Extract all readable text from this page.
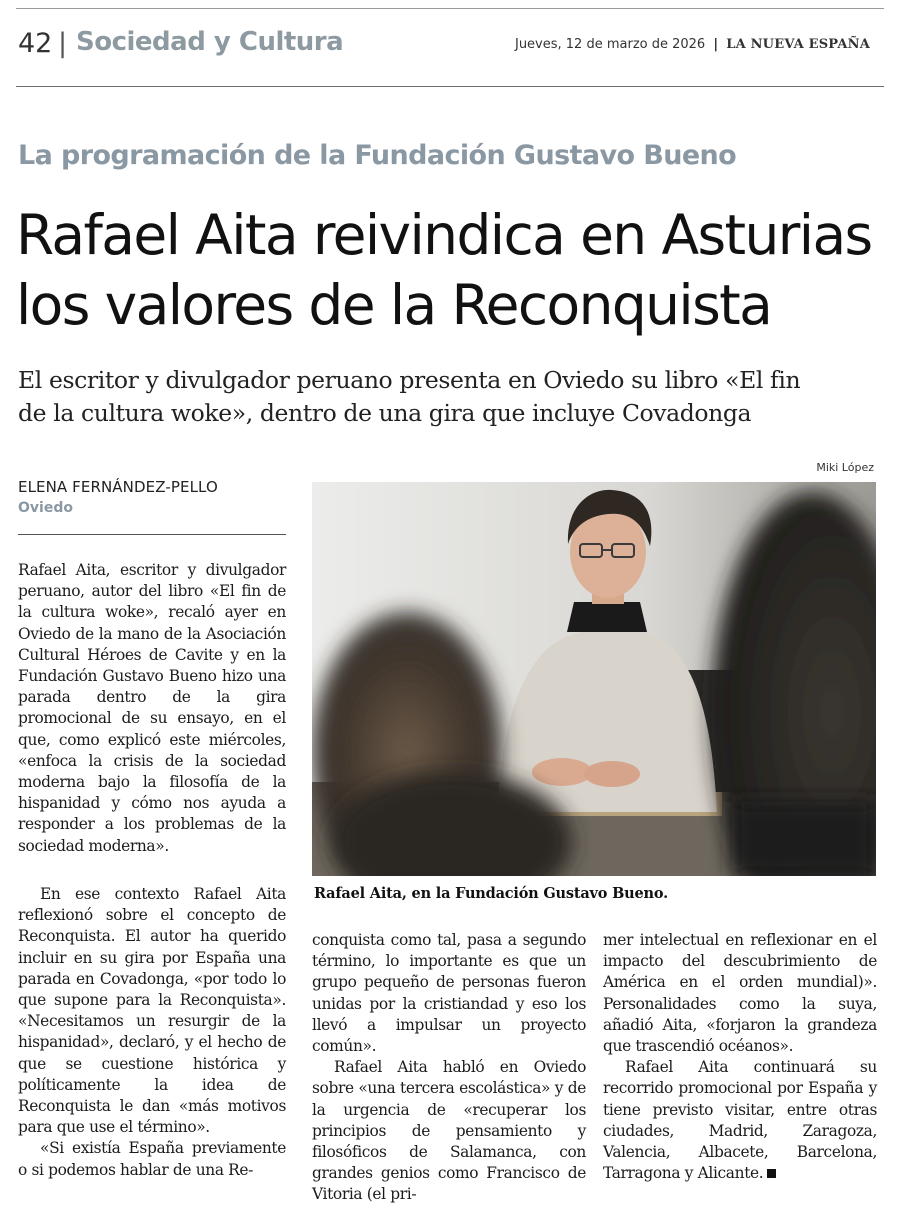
42 | Sociedad y Cultura	Jueves, 12 de marzo de 2026 | LA NUEVA ESPAÑA
La programación de la Fundación Gustavo Bueno
Rafael Aita reivindica en Asturias
los valores de la Reconquista
El escritor y divulgador peruano presenta en Oviedo su libro «El fin
de la cultura woke», dentro de una gira que incluye Covadonga
ELENA FERNÁNDEZ-PELLO
Oviedo
Miki López
Rafael Aita, en la Fundación Gustavo Bueno.

Rafael Aita, escritor y divulgador peruano, autor del libro «El fin de la cultura woke», recaló ayer en Oviedo de la mano de la Asociación Cultural Héroes de Cavite y en la Fundación Gustavo Bueno hizo una parada dentro de la gira promocional de su ensayo, en el que, como explicó este miércoles, «enfoca la crisis de la sociedad moderna bajo la filosofía de la hispanidad y cómo nos ayuda a responder a los problemas de la sociedad moderna».

En ese contexto Rafael Aita reflexionó sobre el concepto de Reconquista. El autor ha querido incluir en su gira por España una parada en Covadonga, «por todo lo que supone para la Reconquista». «Necesitamos un resurgir de la hispanidad», declaró, y el hecho de que se cuestione histórica y políticamente la idea de Reconquista le dan «más motivos para que use el término».

«Si existía España previamente o si podemos hablar de una Re-

conquista como tal, pasa a segundo término, lo importante es que un grupo pequeño de personas fueron unidas por la cristiandad y eso los llevó a impulsar un proyecto común».

Rafael Aita habló en Oviedo sobre «una tercera escolástica» y de la urgencia de «recuperar los principios de pensamiento y filosóficos de Salamanca, con grandes genios como Francisco de Vitoria (el pri-

mer intelectual en reflexionar en el impacto del descubrimiento de América en el orden mundial)». Personalidades como la suya, añadió Aita, «forjaron la grandeza que trascendió océanos».

Rafael Aita continuará su recorrido promocional por España y tiene previsto visitar, entre otras ciudades, Madrid, Zaragoza, Valencia, Albacete, Barcelona, Tarragona y Alicante.
